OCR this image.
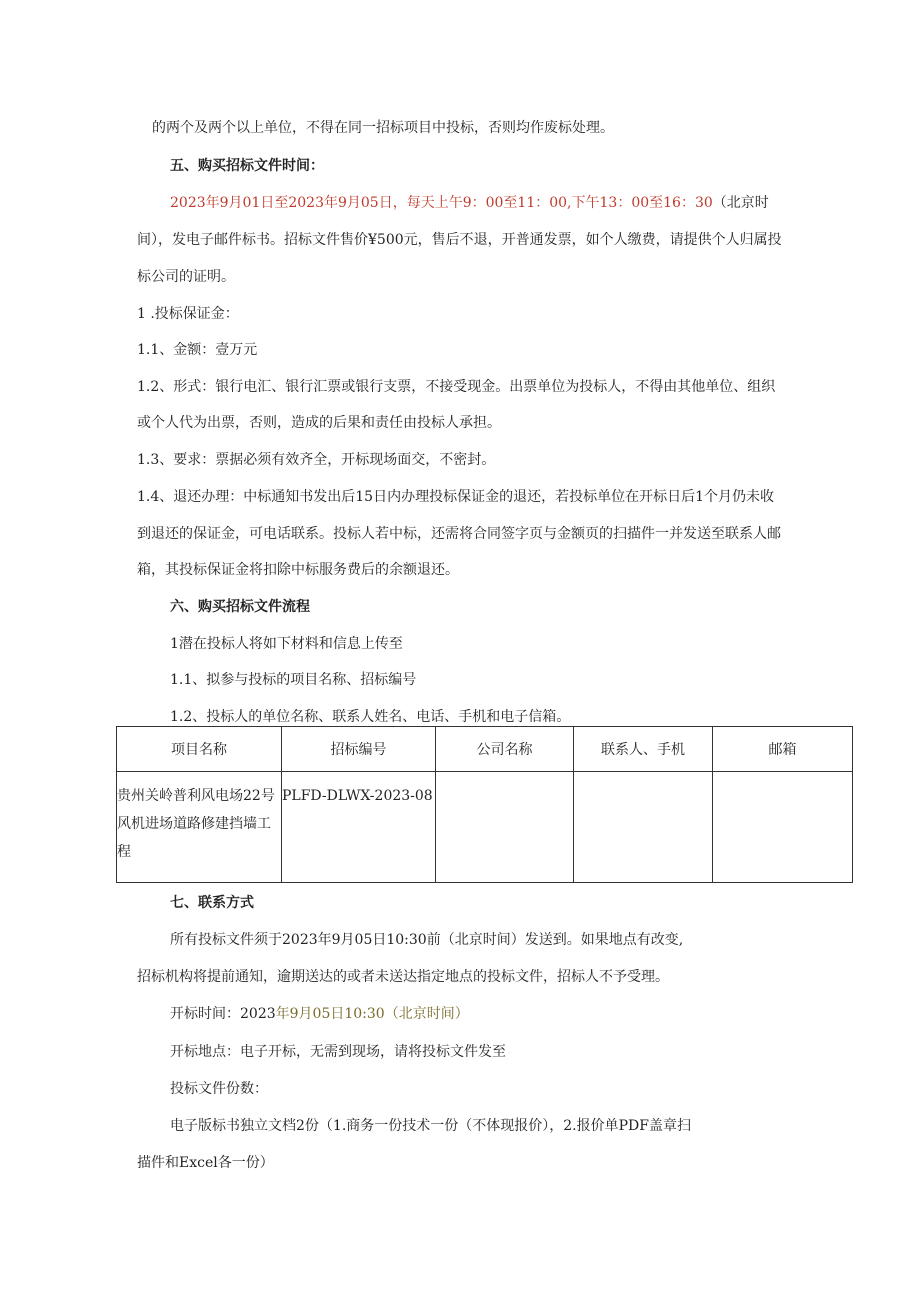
的两个及两个以上单位，不得在同一招标项目中投标，否则均作废标处理。
五、购买招标文件时间：
2023年9月01日至2023年9月05日，每天上午9：00至11：00,下午13：00至16：30（北京时
间），发电子邮件标书。招标文件售价¥500元，售后不退，开普通发票，如个人缴费，请提供个人归属投
标公司的证明。
1 .投标保证金：
1.1、金额：壹万元
1.2、形式：银行电汇、银行汇票或银行支票，不接受现金。出票单位为投标人，不得由其他单位、组织
或个人代为出票，否则，造成的后果和责任由投标人承担。
1.3、要求：票据必须有效齐全，开标现场面交，不密封。
1.4、退还办理：中标通知书发出后15日内办理投标保证金的退还，若投标单位在开标日后1个月仍未收
到退还的保证金，可电话联系。投标人若中标，还需将合同签字页与金额页的扫描件一并发送至联系人邮
箱，其投标保证金将扣除中标服务费后的余额退还。
六、购买招标文件流程
1潜在投标人将如下材料和信息上传至
1.1、拟参与投标的项目名称、招标编号
1.2、投标人的单位名称、联系人姓名、电话、手机和电子信箱。
项目名称	招标编号	公司名称	联系人、手机	邮箱
贵州关岭普利风电场22号风机进场道路修建挡墙工程	PLFD-DLWX-2023-08			
七、联系方式
所有投标文件须于2023年9月05日10:30前（北京时间）发送到。如果地点有改变,
招标机构将提前通知，逾期送达的或者未送达指定地点的投标文件，招标人不予受理。
开标时间：2023年9月05日10:30（北京时间）
开标地点：电子开标，无需到现场，请将投标文件发至
投标文件份数：
电子版标书独立文档2份（1.商务一份技术一份（不体现报价），2.报价单PDF盖章扫
描件和Excel各一份）
